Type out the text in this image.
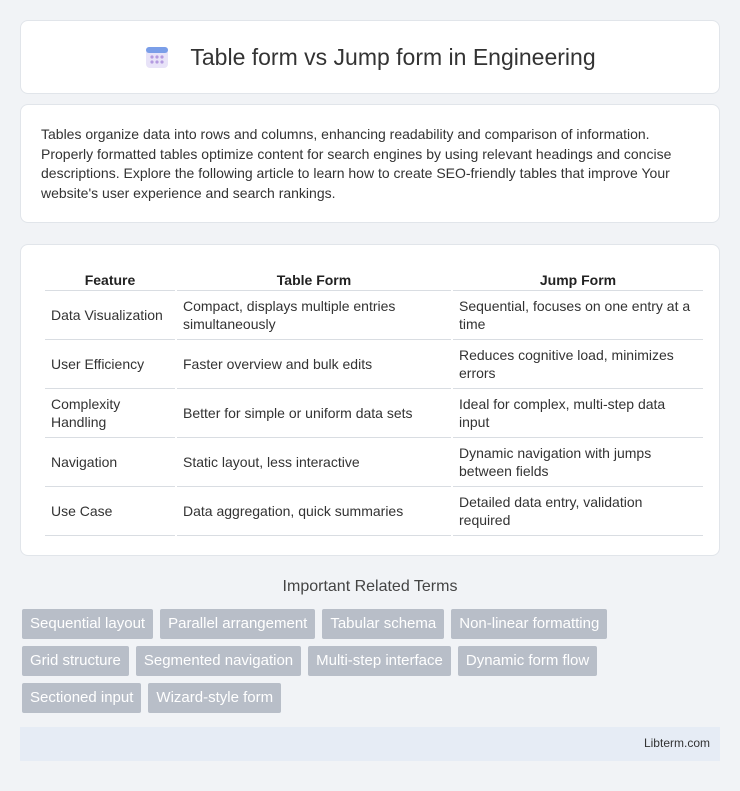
Table form vs Jump form in Engineering

Tables organize data into rows and columns, enhancing readability and comparison of information. Properly formatted tables optimize content for search engines by using relevant headings and concise descriptions. Explore the following article to learn how to create SEO-friendly tables that improve Your website's user experience and search rankings.

Feature	Table Form	Jump Form
Data Visualization	Compact, displays multiple entries simultaneously	Sequential, focuses on one entry at a time
User Efficiency	Faster overview and bulk edits	Reduces cognitive load, minimizes errors
Complexity Handling	Better for simple or uniform data sets	Ideal for complex, multi-step data input
Navigation	Static layout, less interactive	Dynamic navigation with jumps between fields
Use Case	Data aggregation, quick summaries	Detailed data entry, validation required
Important Related Terms
Sequential layout	Parallel arrangement	Tabular schema	Non-linear formatting
Grid structure	Segmented navigation	Multi-step interface	Dynamic form flow
Sectioned input	Wizard-style form
Libterm.com
